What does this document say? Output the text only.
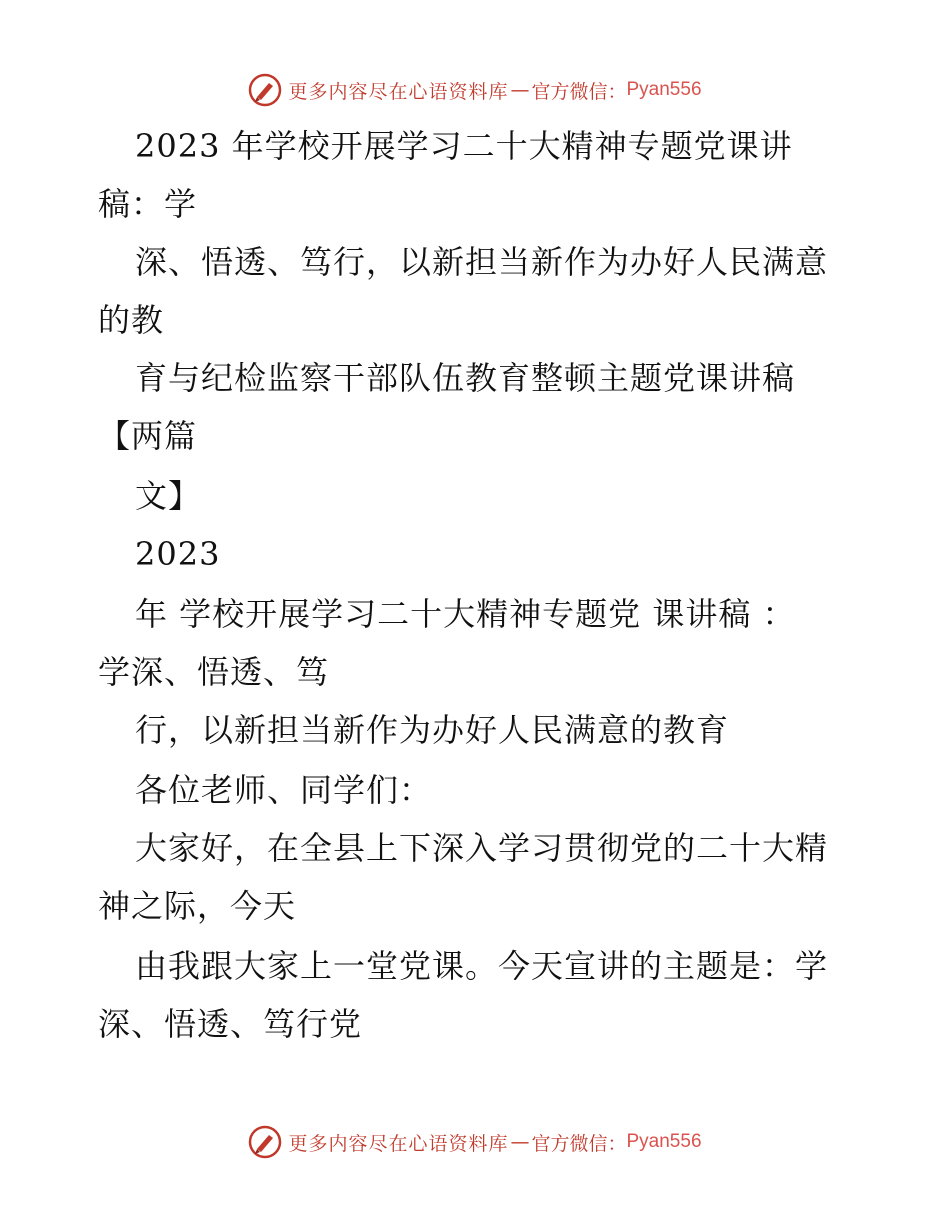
更多内容尽在心语资料库 — 官方微信： Pyan556
2023 年学校开展学习二十大精神专题党课讲
稿：学
深、悟透、笃行，以新担当新作为办好人民满意
的教
育与纪检监察干部队伍教育整顿主题党课讲稿
【两篇
文】
2023
年 学校开展学习二十大精神专题党 课讲稿 ：
学深、悟透、笃
行，以新担当新作为办好人民满意的教育
各位老师、同学们：
大家好，在全县上下深入学习贯彻党的二十大精
神之际，今天
由我跟大家上一堂党课。今天宣讲的主题是：学
深、悟透、笃行党
更多内容尽在心语资料库 — 官方微信： Pyan556
